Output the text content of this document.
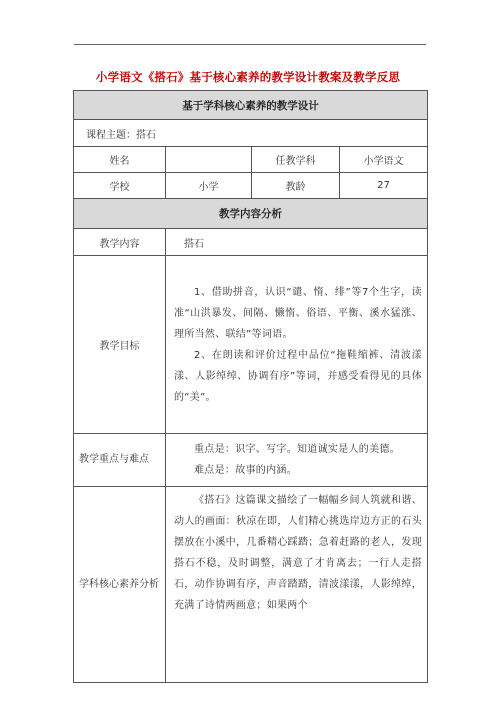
小学语文《搭石》基于核心素养的教学设计教案及教学反思
基于学科核心素养的教学设计			
课程主题：搭石			
姓名		任教学科	小学语文
学校	小学	教龄	27
教学内容分析			
教学内容	搭石		
教学目标	1、借助拼音，认识“谴、惰、绯”等7个生字，读准“山洪暴发、间隔、懒惰、俗语、平衡、溪水猛涨、理所当然、联结”等词语。

2、在朗读和评价过程中品位“拖鞋缩裤、清波漾漾、人影绰绰、协调有序”等词，并感受看得见的具体的“美”。		

教学重点与难点	重点是：识字、写字。知道诚实是人的美德。

难点是：故事的内涵。		

学科核心素养分析	《搭石》这篇课文描绘了一幅幅乡间人筑就和谐、动人的画面：秋凉在即，人们精心挑选岸边方正的石头摆放在小溪中，几番精心踩踏；急着赶路的老人，发现搭石不稳，及时调整，满意了才肯离去；一行人走搭石，动作协调有序，声音踏踏，清波漾漾，人影绰绰，充满了诗情两画意；如果两个		
